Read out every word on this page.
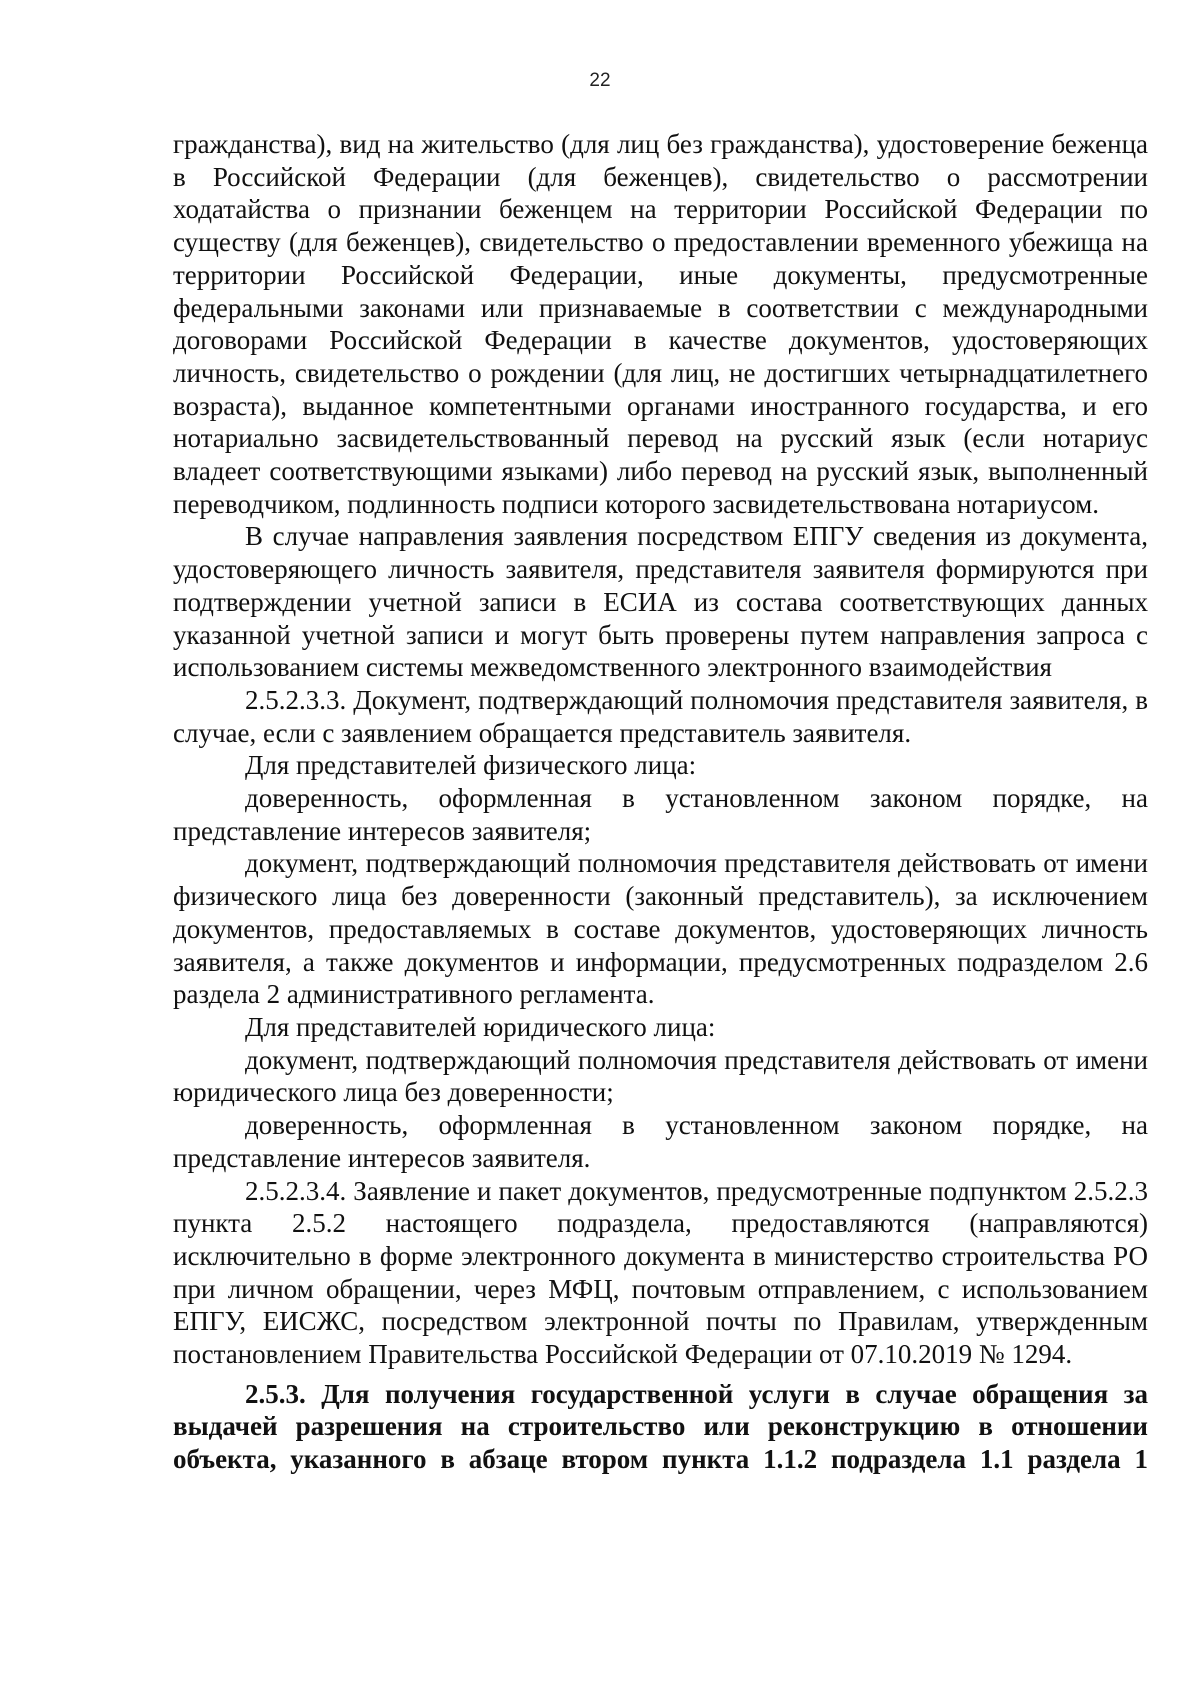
22

гражданства), вид на жительство (для лиц без гражданства), удостоверение беженца в Российской Федерации (для беженцев), свидетельство о рассмотрении ходатайства о признании беженцем на территории Российской Федерации по существу (для беженцев), свидетельство о предоставлении временного убежища на территории Российской Федерации, иные документы, предусмотренные федеральными законами или признаваемые в соответствии с международными договорами Российской Федерации в качестве документов, удостоверяющих личность, свидетельство о рождении (для лиц, не достигших четырнадцатилетнего возраста), выданное компетентными органами иностранного государства, и его нотариально засвидетельствованный перевод на русский язык (если нотариус владеет соответствующими языками) либо перевод на русский язык, выполненный переводчиком, подлинность подписи которого засвидетельствована нотариусом.

В случае направления заявления посредством ЕПГУ сведения из документа, удостоверяющего личность заявителя, представителя заявителя формируются при подтверждении учетной записи в ЕСИА из состава соответствующих данных указанной учетной записи и могут быть проверены путем направления запроса с использованием системы межведомственного электронного взаимодействия

2.5.2.3.3. Документ, подтверждающий полномочия представителя заявителя, в случае, если с заявлением обращается представитель заявителя.

Для представителей физического лица:

доверенность, оформленная в установленном законом порядке, на представление интересов заявителя;

документ, подтверждающий полномочия представителя действовать от имени физического лица без доверенности (законный представитель), за исключением документов, предоставляемых в составе документов, удостоверяющих личность заявителя, а также документов и информации, предусмотренных подразделом 2.6 раздела 2 административного регламента.

Для представителей юридического лица:

документ, подтверждающий полномочия представителя действовать от имени юридического лица без доверенности;

доверенность, оформленная в установленном законом порядке, на представление интересов заявителя.

2.5.2.3.4. Заявление и пакет документов, предусмотренные подпунктом 2.5.2.3 пункта 2.5.2 настоящего подраздела, предоставляются (направляются) исключительно в форме электронного документа в министерство строительства РО при личном обращении, через МФЦ, почтовым отправлением, с использованием ЕПГУ, ЕИСЖС, посредством электронной почты по Правилам, утвержденным постановлением Правительства Российской Федерации от 07.10.2019 № 1294.

2.5.3. Для получения государственной услуги в случае обращения за выдачей разрешения на строительство или реконструкцию в отношении объекта, указанного в абзаце втором пункта 1.1.2 подраздела 1.1 раздела 1
